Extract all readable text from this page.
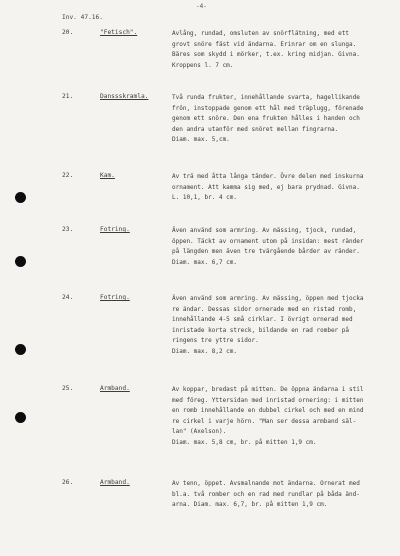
-4-
Inv. 47.16.
20.	"Fetisch".	Avlång, rundad, omsluten av snörflätning, med ett
grovt snöre fäst vid ändarna. Erinrar om en slunga.
Bäres som skydd i mörker, t.ex. kring midjan. Givna.
Kroppens l. 7 cm.
21.	Danssskramla.	Två runda frukter, innehållande svarta, hagellikande
frön, instoppade genom ett hål med träplugg, förenade
genom ett snöre. Den ena frukten hålles i handen och
den andra utanför med snöret mellan fingrarna.
Diam. max. 5,cm.
22.	Kam.	Av trä med åtta långa tänder. Övre delen med inskurna
ornament. Att kamma sig med, ej bara prydnad. Givna.
L. 10,1, br. 4 cm.
23.	Fotring.	Även använd som armring. Av mässing, tjock, rundad,
öppen. Täckt av ornament utom på insidan: mest ränder
på längden men även tre tvärgående bårder av ränder.
Diam. max. 6,7 cm.
24.	Fotring.	Även använd som armring. Av mässing, öppen med tjocka
re ändar. Dessas sidor ornerade med en ristad romb,
innehållande 4-5 små cirklar. I övrigt ornerad med
inristade korta streck, bildande en rad romber på
ringens tre yttre sidor.
Diam. max. 8,2 cm.
25.	Armband.	Av koppar, bredast på mitten. De öppna ändarna i stil
med föreg. Yttersidan med inristad ornering: i mitten
en romb innehållande en dubbel cirkel och med en mind
re cirkel i varje hörn. "Man ser dessa armband säl-
lan" (Axelson).
Diam. max. 5,8 cm, br. på mitten 1,9 cm.
26.	Armband.	Av tenn, öppet. Avsmalnande mot ändarna. Ornerat med
bl.a. två romber och en rad med rundlar på båda änd-
arna. Diam. max. 6,7, br. på mitten 1,9 cm.
